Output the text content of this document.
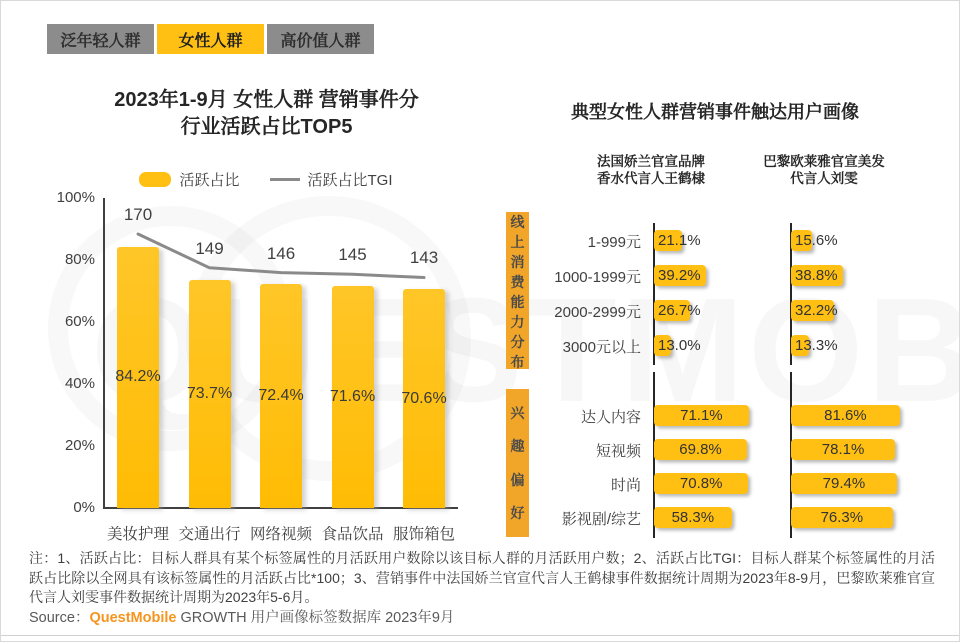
泛年轻人群	女性人群	高价值人群
2023年1-9月 女性人群 营销事件分
行业活跃占比TOP5
活跃占比	活跃占比TGI
100%
80%
60%
40%
20%
0%
84.2%
73.7% 72.4% 71.6% 70.6%
170
149	146	145	143
美妆护理 交通出行 网络视频 食品饮品 服饰箱包
典型女性人群营销事件触达用户画像
法国娇兰官宣品牌
香水代言人王鹤棣
巴黎欧莱雅官宣美发
代言人刘雯
线
上
消
费
能
力
分
布
1-999元 21.1%	15.6%
1000-1999元 39.2%	38.8%
2000-2999元 26.7%	32.2%
3000元以上 13.0%	13.3%
兴
趣
偏
好
达人内容	71.1%	81.6%
短视频	69.8%	78.1%
时尚	70.8%	79.4%
影视剧/综艺 58.3%	76.3%
注：1、活跃占比：目标人群具有某个标签属性的月活跃用户数除以该目标人群的月活跃用户数；2、活跃占比TGI：目标人群某个标签属性的月活跃占比除以全网具有该标签属性的月活跃占比*100；3、营销事件中法国娇兰官宣代言人王鹤棣事件数据统计周期为2023年8-9月，巴黎欧莱雅官宣代言人刘雯事件数据统计周期为2023年5-6月。
Source：QuestMobile GROWTH 用户画像标签数据库 2023年9月
